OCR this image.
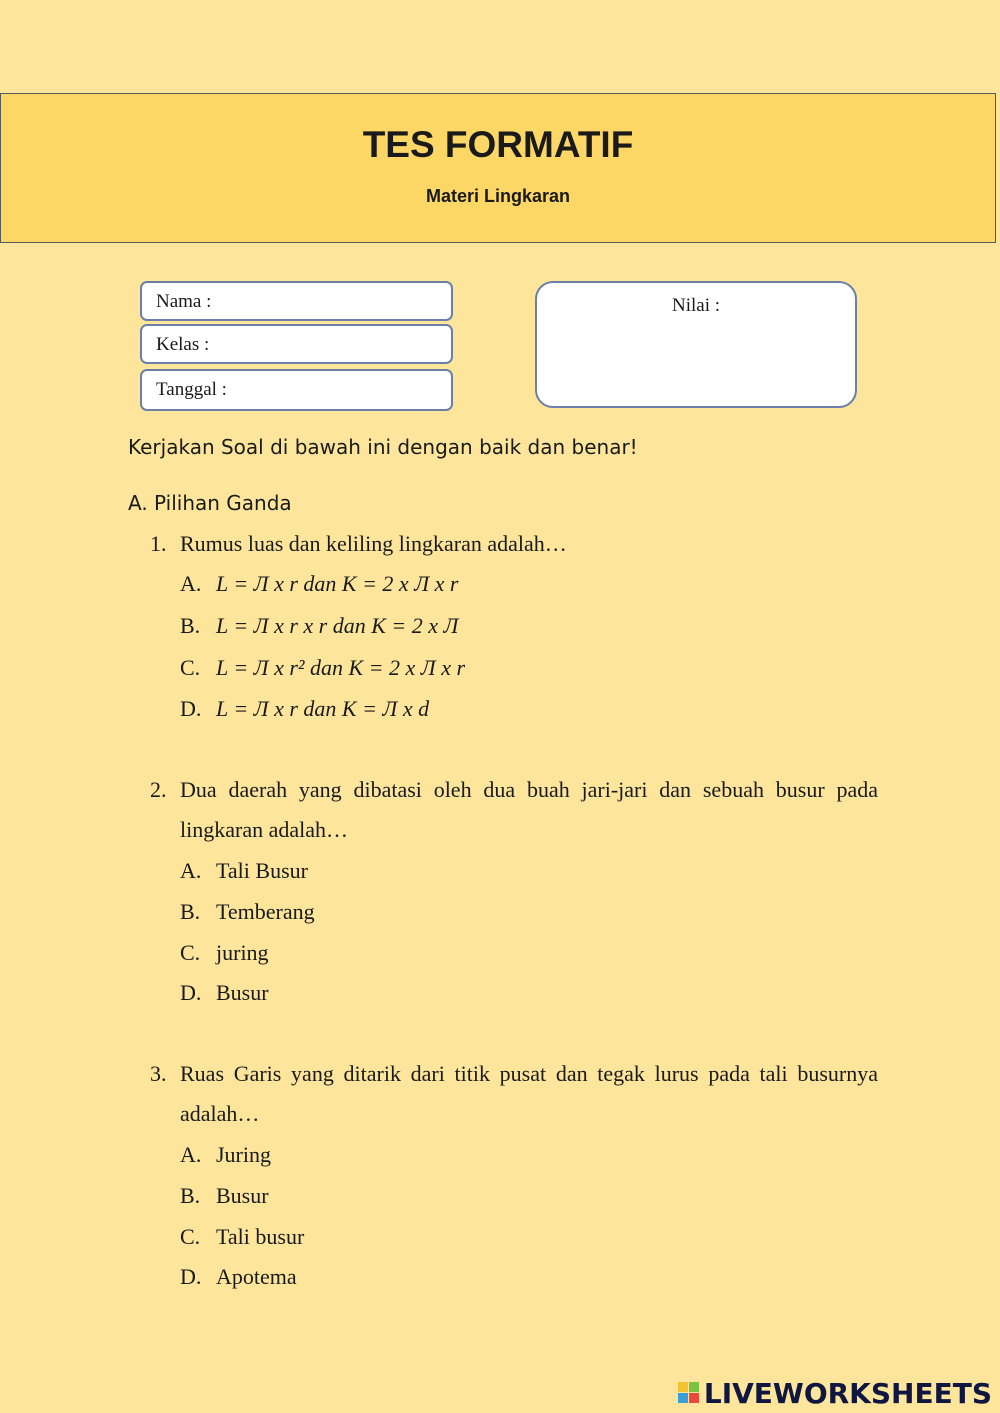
TES FORMATIF
Materi Lingkaran
Nama :
Kelas :
Tanggal :
Nilai :
Kerjakan Soal di bawah ini dengan baik dan benar!
A. Pilihan Ganda
1. Rumus luas dan keliling lingkaran adalah…
A. L = Л x r dan K = 2 x Л x r
B. L = Л x r x r dan K = 2 x Л
C. L = Л x r² dan K = 2 x Л x r
D. L = Л x r dan K = Л x d
2. Dua daerah yang dibatasi oleh dua buah jari-jari dan sebuah busur pada lingkaran adalah…
A. Tali Busur
B. Temberang
C. juring
D. Busur
3. Ruas Garis yang ditarik dari titik pusat dan tegak lurus pada tali busurnya adalah…
A. Juring
B. Busur
C. Tali busur
D. Apotema
LIVEWORKSHEETS
